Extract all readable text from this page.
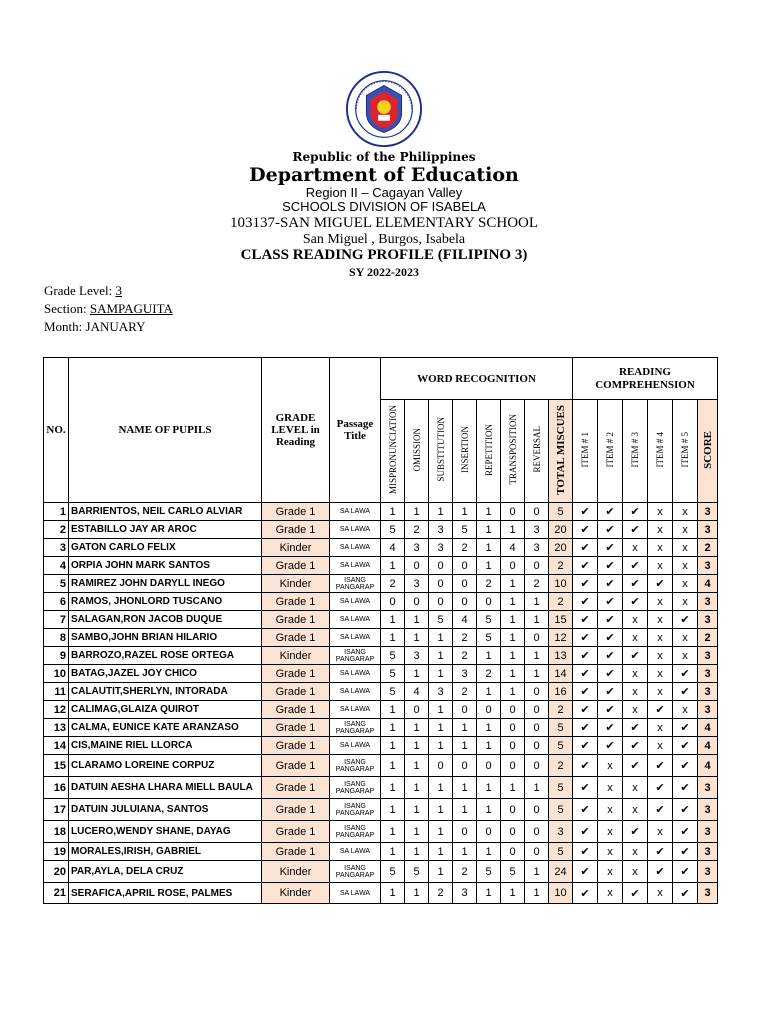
Republic of the Philippines
Department of Education
Region II – Cagayan Valley
SCHOOLS DIVISION OF ISABELA
103137-SAN MIGUEL ELEMENTARY SCHOOL
San Miguel , Burgos, Isabela
CLASS READING PROFILE (FILIPINO 3)
SY 2022-2023
Grade Level: 3
Section: SAMPAGUITA
Month: JANUARY
NO.	NAME OF PUPILS	GRADE LEVEL in Reading	Passage Title	WORD RECOGNITION								READING COMPREHENSION					
				MISPRONUNCIATION	OMISSION	SUBSTITUTION	INSERTION	REPETITION	TRANSPOSITION	REVERSAL	TOTAL MISCUES	ITEM # 1	ITEM # 2	ITEM # 3	ITEM # 4	ITEM # 5	SCORE
1	BARRIENTOS, NEIL CARLO ALVIAR	Grade 1	SA LAWA	1	1	1	1	1	0	0	5	✔	✔	✔	x	x	3
2	ESTABILLO JAY AR AROC	Grade 1	SA LAWA	5	2	3	5	1	1	3	20	✔	✔	✔	x	x	3
3	GATON CARLO FELIX	Kinder	SA LAWA	4	3	3	2	1	4	3	20	✔	✔	x	x	x	2
4	ORPIA JOHN MARK SANTOS	Grade 1	SA LAWA	1	0	0	0	1	0	0	2	✔	✔	✔	x	x	3
5	RAMIREZ JOHN DARYLL INEGO	Kinder	ISANG PANGARAP	2	3	0	0	2	1	2	10	✔	✔	✔	✔	x	4
6	RAMOS, JHONLORD TUSCANO	Grade 1	SA LAWA	0	0	0	0	0	1	1	2	✔	✔	✔	x	x	3
7	SALAGAN,RON JACOB DUQUE	Grade 1	SA LAWA	1	1	5	4	5	1	1	15	✔	✔	x	x	✔	3
8	SAMBO,JOHN BRIAN HILARIO	Grade 1	SA LAWA	1	1	1	2	5	1	0	12	✔	✔	x	x	x	2
9	BARROZO,RAZEL ROSE ORTEGA	Kinder	ISANG PANGARAP	5	3	1	2	1	1	1	13	✔	✔	✔	x	x	3
10	BATAG,JAZEL JOY CHICO	Grade 1	SA LAWA	5	1	1	3	2	1	1	14	✔	✔	x	x	✔	3
11	CALAUTIT,SHERLYN, INTORADA	Grade 1	SA LAWA	5	4	3	2	1	1	0	16	✔	✔	x	x	✔	3
12	CALIMAG,GLAIZA QUIROT	Grade 1	SA LAWA	1	0	1	0	0	0	0	2	✔	✔	x	✔	x	3
13	CALMA, EUNICE KATE ARANZASO	Grade 1	ISANG PANGARAP	1	1	1	1	1	0	0	5	✔	✔	✔	x	✔	4
14	CIS,MAINE RIEL LLORCA	Grade 1	SA LAWA	1	1	1	1	1	0	0	5	✔	✔	✔	x	✔	4
15	CLARAMO LOREINE CORPUZ	Grade 1	ISANG PANGARAP	1	1	0	0	0	0	0	2	✔	x	✔	✔	✔	4
16	DATUIN AESHA LHARA MIELL BAULA	Grade 1	ISANG PANGARAP	1	1	1	1	1	1	1	5	✔	x	x	✔	✔	3
17	DATUIN JULUIANA, SANTOS	Grade 1	ISANG PANGARAP	1	1	1	1	1	0	0	5	✔	x	x	✔	✔	3
18	LUCERO,WENDY SHANE, DAYAG	Grade 1	ISANG PANGARAP	1	1	1	0	0	0	0	3	✔	x	✔	x	✔	3
19	MORALES,IRISH, GABRIEL	Grade 1	SA LAWA	1	1	1	1	1	0	0	5	✔	x	x	✔	✔	3
20	PAR,AYLA, DELA CRUZ	Kinder	ISANG PANGARAP	5	5	1	2	5	5	1	24	✔	x	x	✔	✔	3
21	SERAFICA,APRIL ROSE, PALMES	Kinder	SA LAWA	1	1	2	3	1	1	1	10	✔	x	✔	x	✔	3
